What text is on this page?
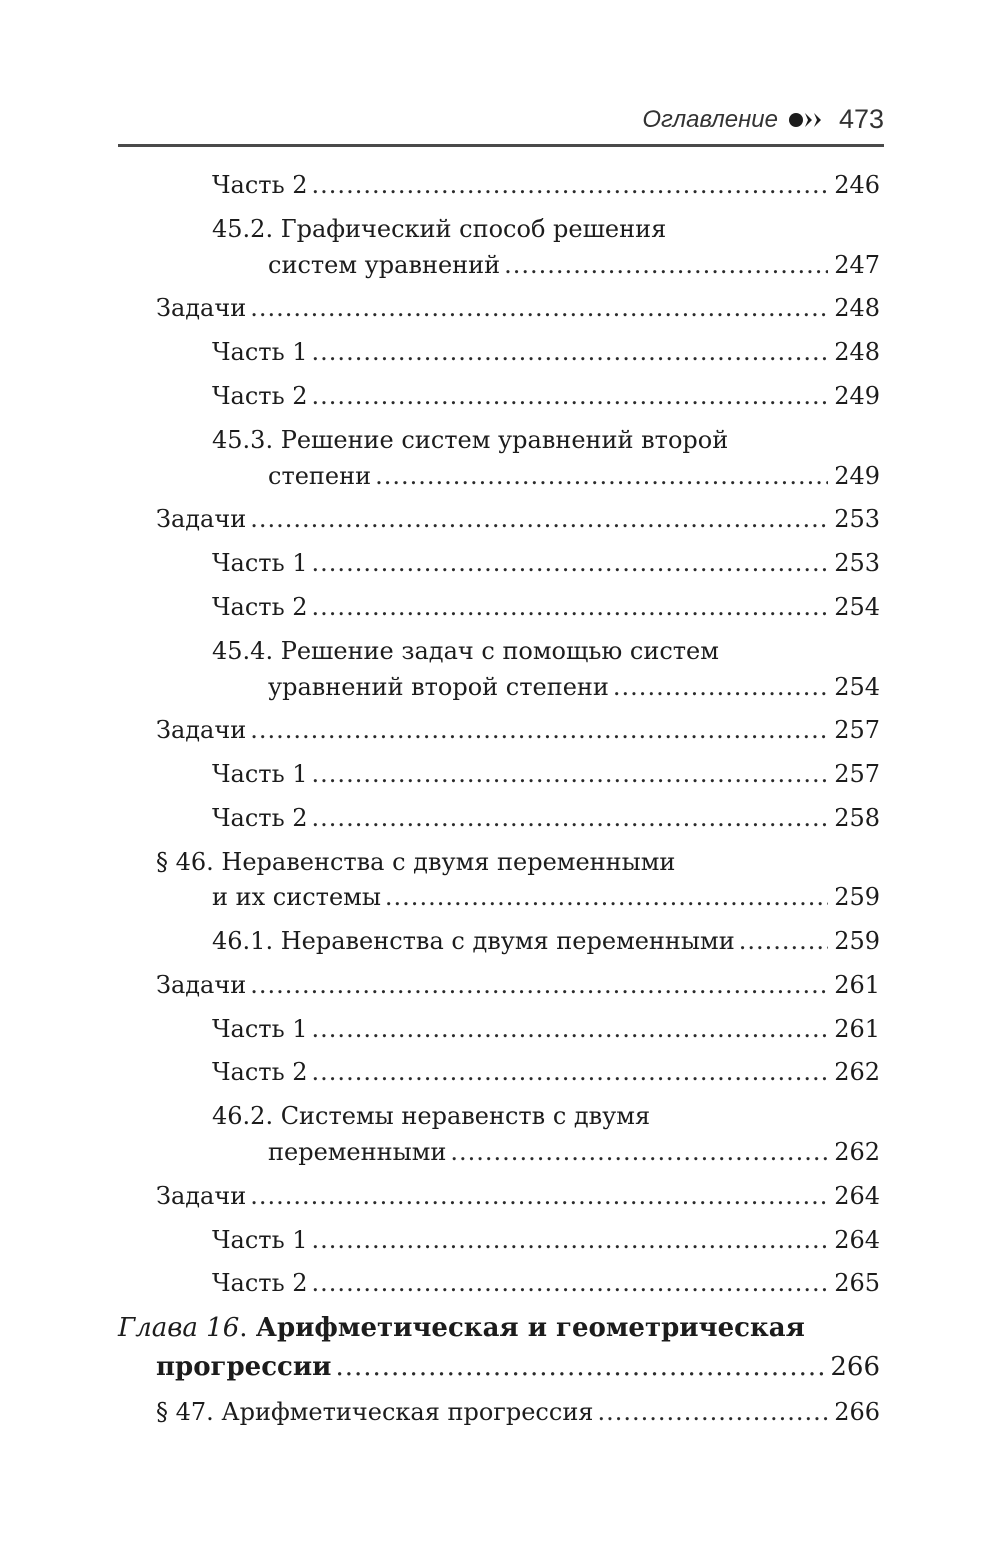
Оглавление 473
Часть 2 .....	246
45.2. Графический способ решения
систем уравнений .....	247
Задачи .....	248
Часть 1 .....	248
Часть 2 .....	249
45.3. Решение систем уравнений второй
степени .....	249
Задачи .....	253
Часть 1 .....	253
Часть 2 .....	254
45.4. Решение задач с помощью систем
уравнений второй степени .....	254
Задачи .....	257
Часть 1 .....	257
Часть 2 .....	258
§ 46. Неравенства с двумя переменными
и их системы .....	259
46.1. Неравенства с двумя переменными .....	259
Задачи .....	261
Часть 1 .....	261
Часть 2 .....	262
46.2. Системы неравенств с двумя
переменными .....	262
Задачи .....	264
Часть 1 .....	264
Часть 2 .....	265
Глава 16. Арифметическая и геометрическая
прогрессии .....	266
§ 47. Арифметическая прогрессия .....	266
